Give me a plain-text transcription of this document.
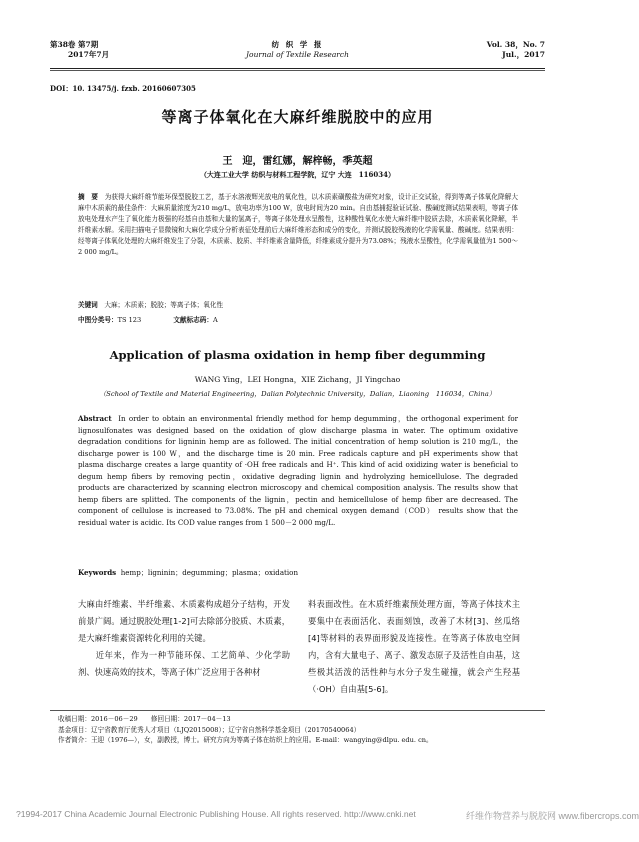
第38卷 第7期
2017年7月
纺 织 学 报
Journal of Textile Research
Vol. 38，No. 7
Jul.，2017
DOI：10. 13475/j. fzxb. 20160607305
等离子体氧化在大麻纤维脱胶中的应用
王　迎，雷红娜，解梓畅，季英超
（大连工业大学 纺织与材料工程学院，辽宁 大连　116034）
摘　要　 为获得大麻纤维节能环保型脱胶工艺，基于水溶液辉光放电的氧化性，以木质素磺酸盐为研究对象，设计正交试验，得到等离子体氧化降解大麻中木质素的最佳条件：大麻质量浓度为210 mg/L，放电功率为100 W，放电时间为20 min。自由基捕捉验证试验、酸碱度测试结果表明，等离子体放电处理水产生了氧化能力极强的羟基自由基和大量的氢离子，等离子体处理水呈酸性，这种酸性氧化水使大麻纤维中胶质去除，木质素氧化降解，半纤维素水解。采用扫描电子显微镜和大麻化学成分分析表征处理前后大麻纤维形态和成分的变化，并测试脱胶残液的化学需氧量、酸碱度。结果表明：经等离子体氧化处理的大麻纤维发生了分裂，木质素、胶质、半纤维素含量降低，纤维素成分提升为73.08%；残液水呈酸性，化学需氧量值为1 500～2 000 mg/L。
关键词　 大麻；木质素；脱胶；等离子体；氧化性
中图分类号：TS 123	文献标志码：A
Application of plasma oxidation in hemp fiber degumming
WANG Ying，LEI Hongna，XIE Zichang，JI Yingchao
（School of Textile and Material Engineering，Dalian Polytechnic University，Dalian，Liaoning　116034，China）
Abstract In order to obtain an environmental friendly method for hemp degumming，the orthogonal experiment for lignosulfonates was designed based on the oxidation of glow discharge plasma in water. The optimum oxidative degradation conditions for ligninin hemp are as followed. The initial concentration of hemp solution is 210 mg/L，the discharge power is 100 W，and the discharge time is 20 min. Free radicals capture and pH experiments show that plasma discharge creates a large quantity of ·OH free radicals and H⁺. This kind of acid oxidizing water is beneficial to degum hemp fibers by removing pectin，oxidative degrading lignin and hydrolyzing hemicellulose. The degraded products are characterized by scanning electron microscopy and chemical composition analysis. The results show that hemp fibers are splitted. The components of the lignin，pectin and hemicellulose of hemp fiber are decreased. The component of cellulose is increased to 73.08%. The pH and chemical oxygen demand（COD） results show that the residual water is acidic. Its COD value ranges from 1 500－2 000 mg/L.
Keywords hemp；ligninin；degumming；plasma；oxidation
大麻由纤维素、半纤维素、木质素构成超分子结构，开发前景广阔。通过脱胶处理[1-2]可去除部分胶质、木质素，是大麻纤维素资源转化利用的关键。
　　近年来，作为一种节能环保、工艺简单、少化学助剂、快速高效的技术，等离子体广泛应用于各种材
料表面改性。在木质纤维素预处理方面，等离子体技术主要集中在表面活化、表面刻蚀，改善了木材[3]、丝瓜络[4]等材料的表界面形貌及连接性。在等离子体放电空间内，含有大量电子、离子、激发态原子及活性自由基，这些极其活泼的活性种与水分子发生碰撞，就会产生羟基（·OH）自由基[5-6]。
收稿日期：2016－06－29　　修回日期：2017－04－13
基金项目：辽宁省教育厅优秀人才项目（LJQ2015008）；辽宁省自然科学基金项目（20170540064）
作者简介：王迎（1976—），女，副教授，博士。研究方向为等离子体在纺织上的应用。E-mail：wangying@dlpu. edu. cn。
?1994-2017 China Academic Journal Electronic Publishing House. All rights reserved. http://www.cnki.net	纤维作物营养与脱胶网 www.fibercrops.com
